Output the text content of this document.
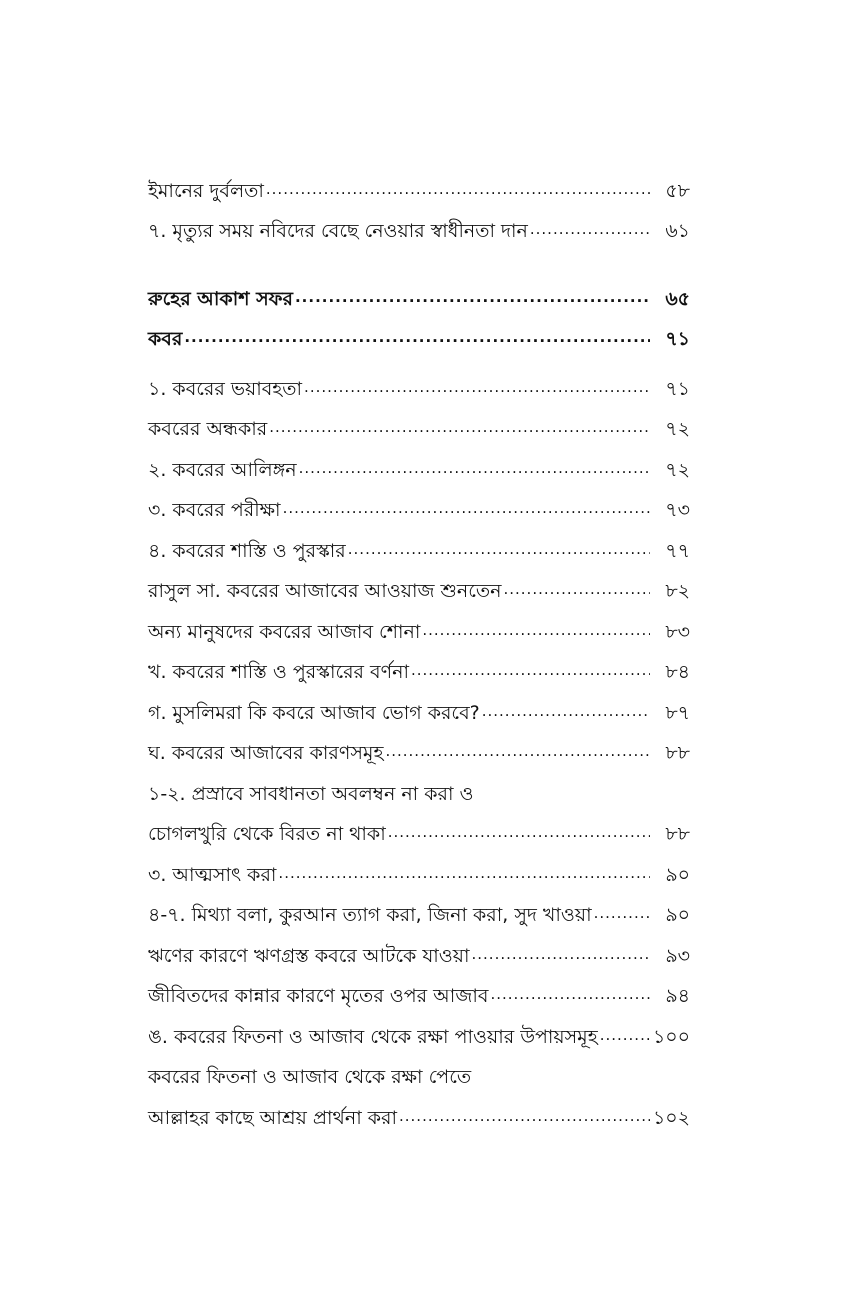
ইমানের দুর্বলতা .....	৫৮
৭. মৃত্যুর সময় নবিদের বেছে নেওয়ার স্বাধীনতা দান .....	৬১
রুহের আকাশ সফর .....	৬৫
কবর .....	৭১
১. কবরের ভয়াবহতা .....	৭১
কবরের অন্ধকার .....	৭২
২. কবরের আলিঙ্গন .....	৭২
৩. কবরের পরীক্ষা .....	৭৩
৪. কবরের শাস্তি ও পুরস্কার .....	৭৭
রাসুল সা. কবরের আজাবের আওয়াজ শুনতেন .....	৮২
অন্য মানুষদের কবরের আজাব শোনা .....	৮৩
খ. কবরের শাস্তি ও পুরস্কারের বর্ণনা .....	৮৪
গ. মুসলিমরা কি কবরে আজাব ভোগ করবে? .....	৮৭
ঘ. কবরের আজাবের কারণসমূহ .....	৮৮
১-২. প্রস্রাবে সাবধানতা অবলম্বন না করা ও
চোগলখুরি থেকে বিরত না থাকা .....	৮৮
৩. আত্মসাৎ করা .....	৯০
৪-৭. মিথ্যা বলা, কুরআন ত্যাগ করা, জিনা করা, সুদ খাওয়া .....	৯০
ঋণের কারণে ঋণগ্রস্ত কবরে আটকে যাওয়া .....	৯৩
জীবিতদের কান্নার কারণে মৃতের ওপর আজাব .....	৯৪
ঙ. কবরের ফিতনা ও আজাব থেকে রক্ষা পাওয়ার উপায়সমূহ .....	১০০
কবরের ফিতনা ও আজাব থেকে রক্ষা পেতে
আল্লাহর কাছে আশ্রয় প্রার্থনা করা .....	১০২
